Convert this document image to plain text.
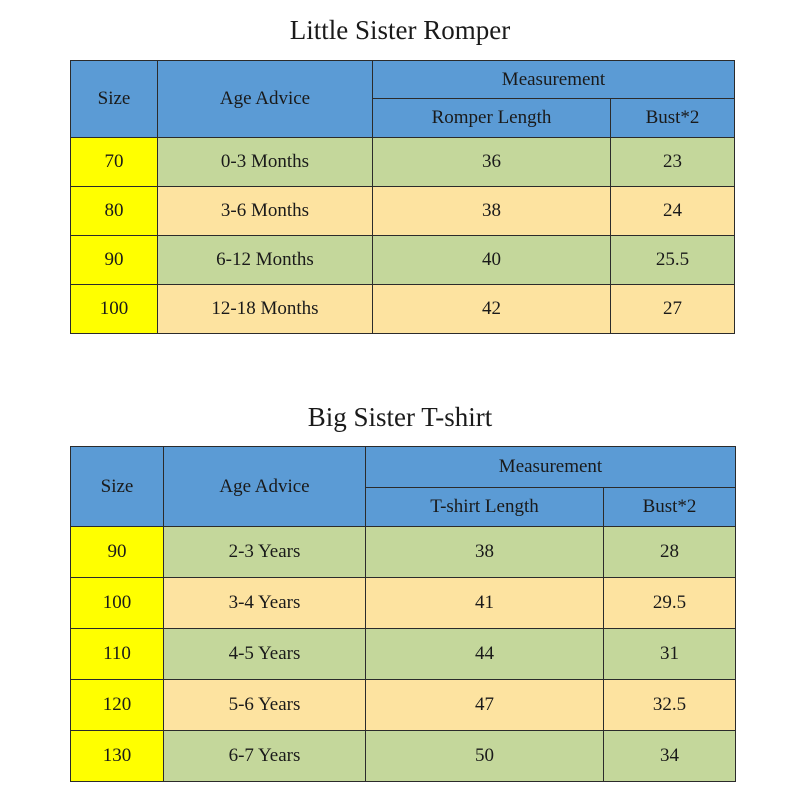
Little Sister Romper
Size	Age Advice	Measurement	
		Romper Length	Bust*2
70	0-3 Months	36	23
80	3-6 Months	38	24
90	6-12 Months	40	25.5
100	12-18 Months	42	27
Big Sister T-shirt
Size	Age Advice	Measurement	
		T-shirt Length	Bust*2
90	2-3 Years	38	28
100	3-4 Years	41	29.5
110	4-5 Years	44	31
120	5-6 Years	47	32.5
130	6-7 Years	50	34
